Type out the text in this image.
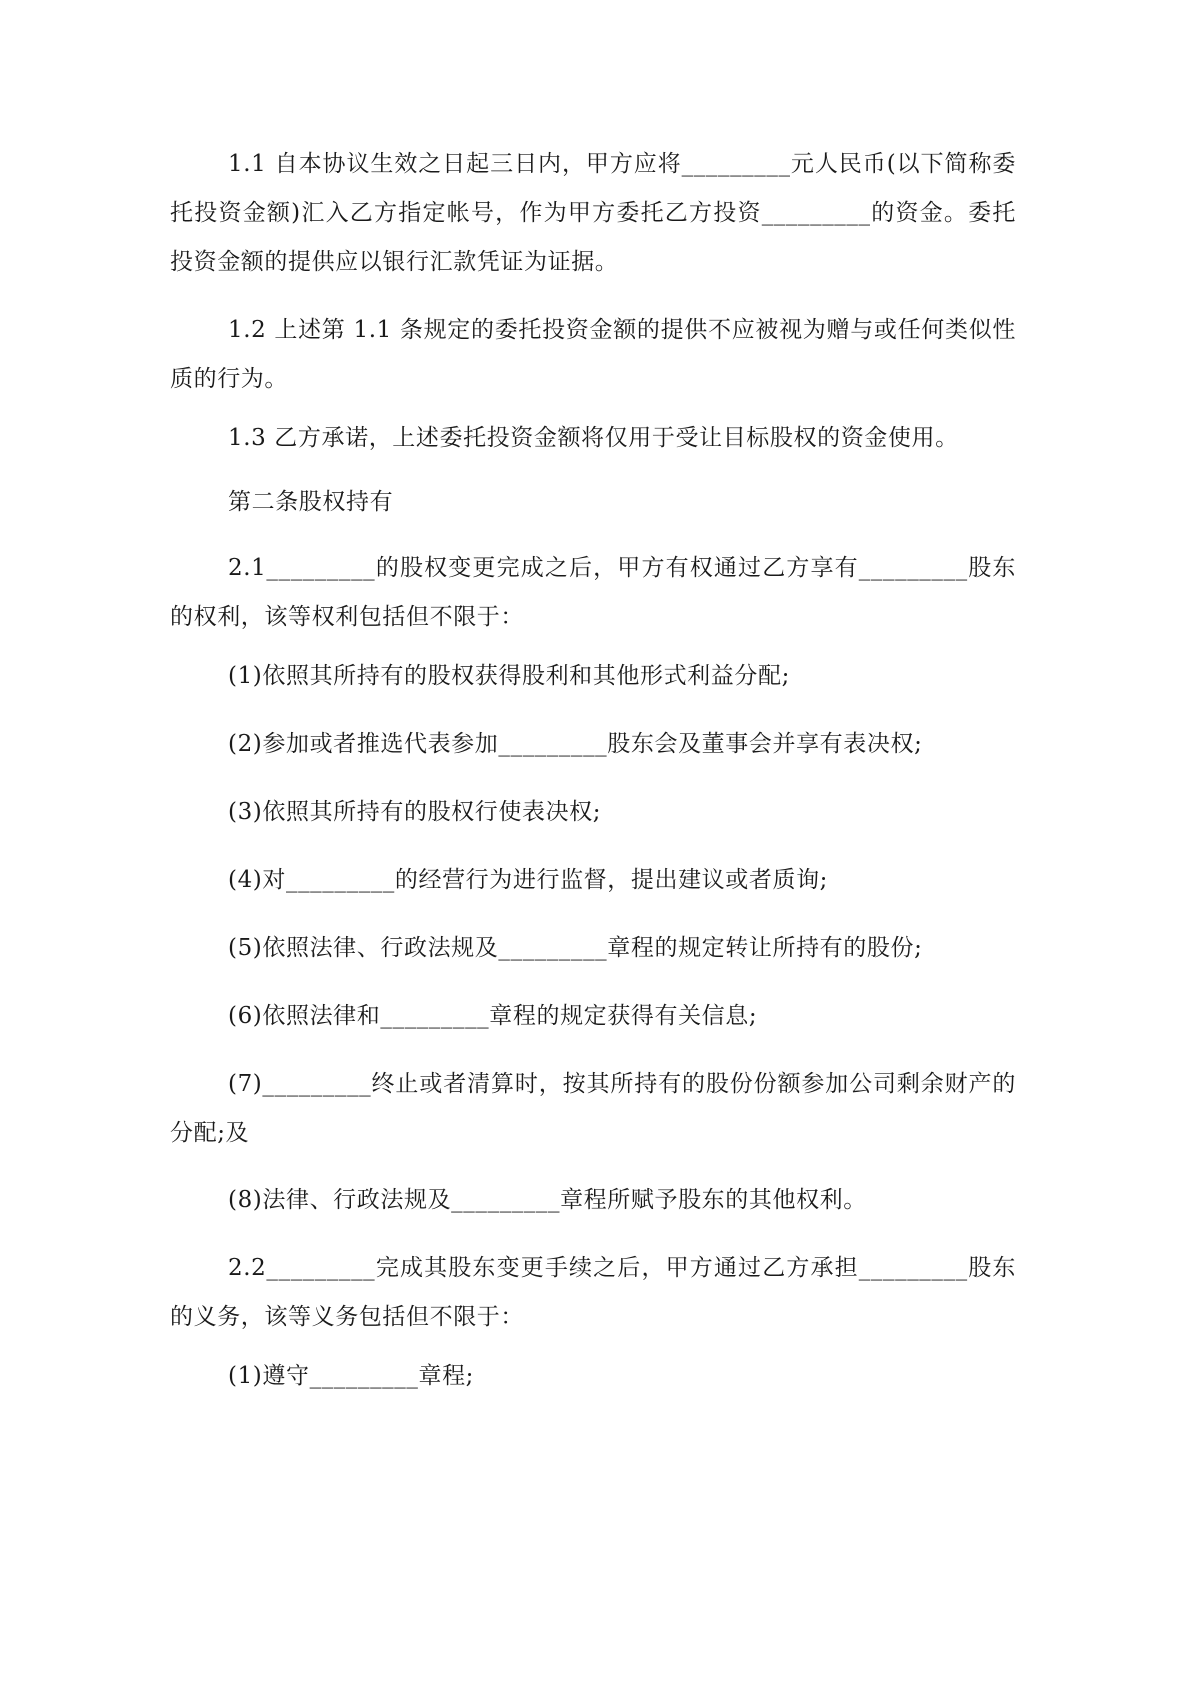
1.1 自本协议生效之日起三日内，甲方应将_________元人民币(以下简称委托投资金额)汇入乙方指定帐号，作为甲方委托乙方投资_________的资金。委托投资金额的提供应以银行汇款凭证为证据。

1.2 上述第 1.1 条规定的委托投资金额的提供不应被视为赠与或任何类似性质的行为。

1.3 乙方承诺，上述委托投资金额将仅用于受让目标股权的资金使用。

第二条股权持有

2.1_________的股权变更完成之后，甲方有权通过乙方享有_________股东的权利，该等权利包括但不限于：

(1)依照其所持有的股权获得股利和其他形式利益分配;

(2)参加或者推选代表参加_________股东会及董事会并享有表决权;

(3)依照其所持有的股权行使表决权;

(4)对_________的经营行为进行监督，提出建议或者质询;

(5)依照法律、行政法规及_________章程的规定转让所持有的股份;

(6)依照法律和_________章程的规定获得有关信息;

(7)_________终止或者清算时，按其所持有的股份份额参加公司剩余财产的分配;及

(8)法律、行政法规及_________章程所赋予股东的其他权利。

2.2_________完成其股东变更手续之后，甲方通过乙方承担_________股东的义务，该等义务包括但不限于：

(1)遵守_________章程;
